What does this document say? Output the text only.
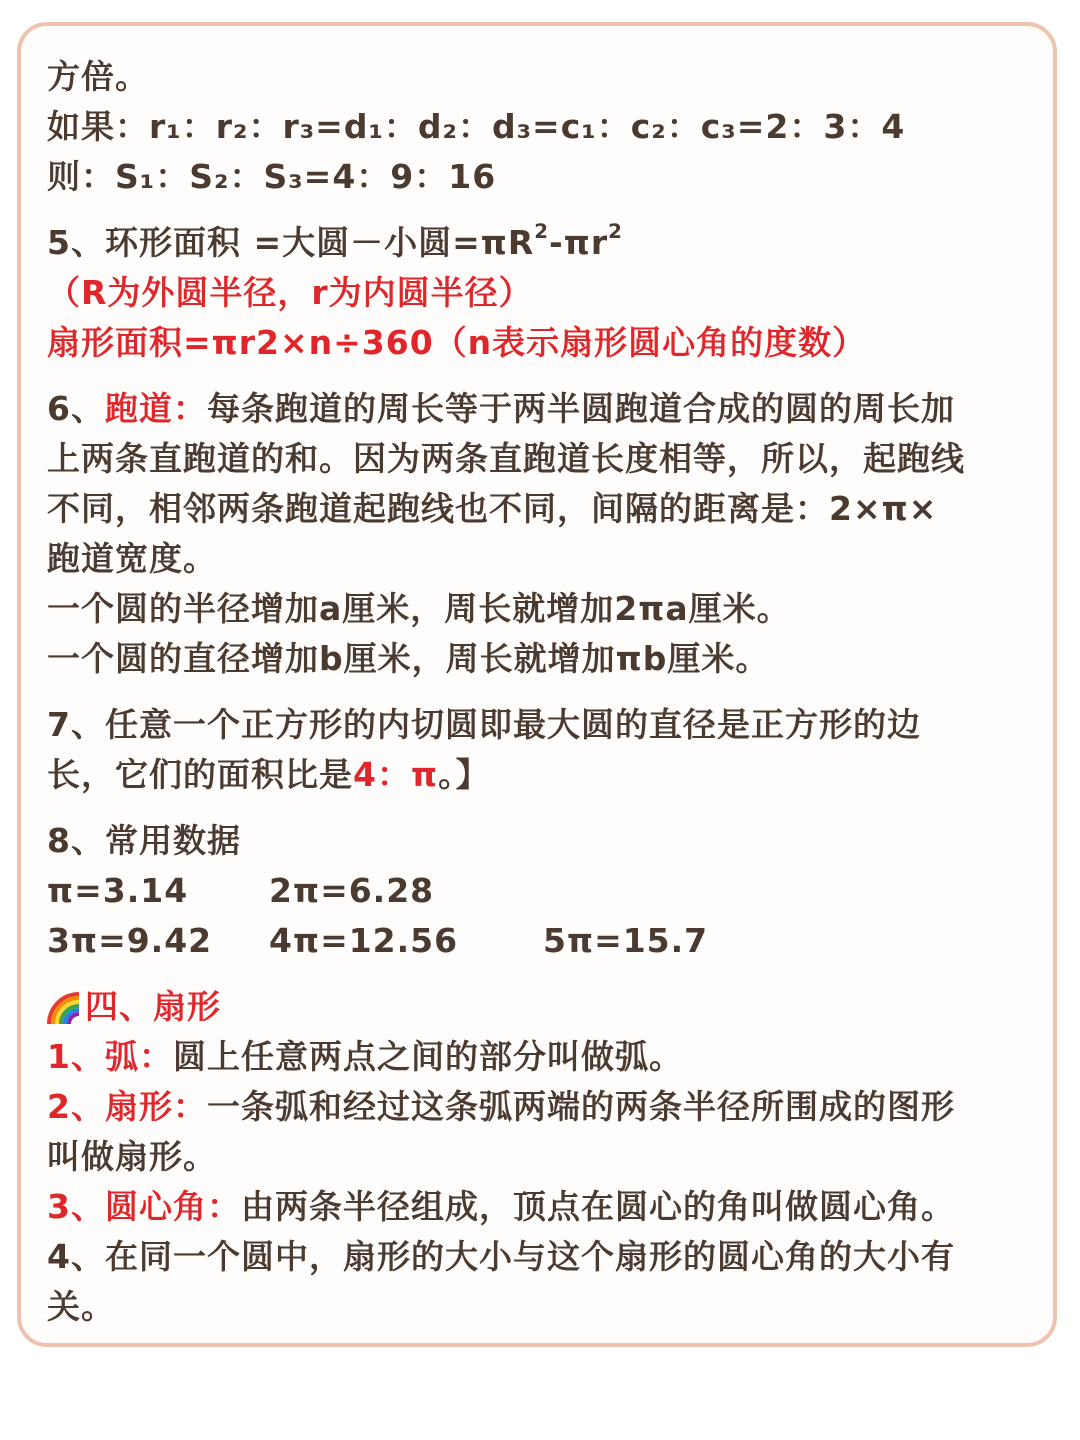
方倍。
如果：r₁：r₂：r₃=d₁：d₂：d₃=c₁：c₂：c₃=2：3：4
则：S₁：S₂：S₃=4：9：16
5、环形面积 =大圆－小圆$=\pi R^2-\pi r^2$
（R为外圆半径，r为内圆半径）
扇形面积=πr2×n÷360（n表示扇形圆心角的度数）
6、跑道：每条跑道的周长等于两半圆跑道合成的圆的周长加
上两条直跑道的和。因为两条直跑道长度相等，所以，起跑线
不同，相邻两条跑道起跑线也不同，间隔的距离是：2×π×
跑道宽度。
一个圆的半径增加a厘米，周长就增加2πa厘米。
一个圆的直径增加b厘米，周长就增加πb厘米。
7、任意一个正方形的内切圆即最大圆的直径是正方形的边
长，它们的面积比是4：π。】
8、常用数据
π=3.14 2π=6.28
3π=9.42 4π=12.56	5π=15.7
四、扇形
1、弧：圆上任意两点之间的部分叫做弧。
2、扇形：一条弧和经过这条弧两端的两条半径所围成的图形
叫做扇形。
3、圆心角：由两条半径组成，顶点在圆心的角叫做圆心角。
4、在同一个圆中，扇形的大小与这个扇形的圆心角的大小有
关。
